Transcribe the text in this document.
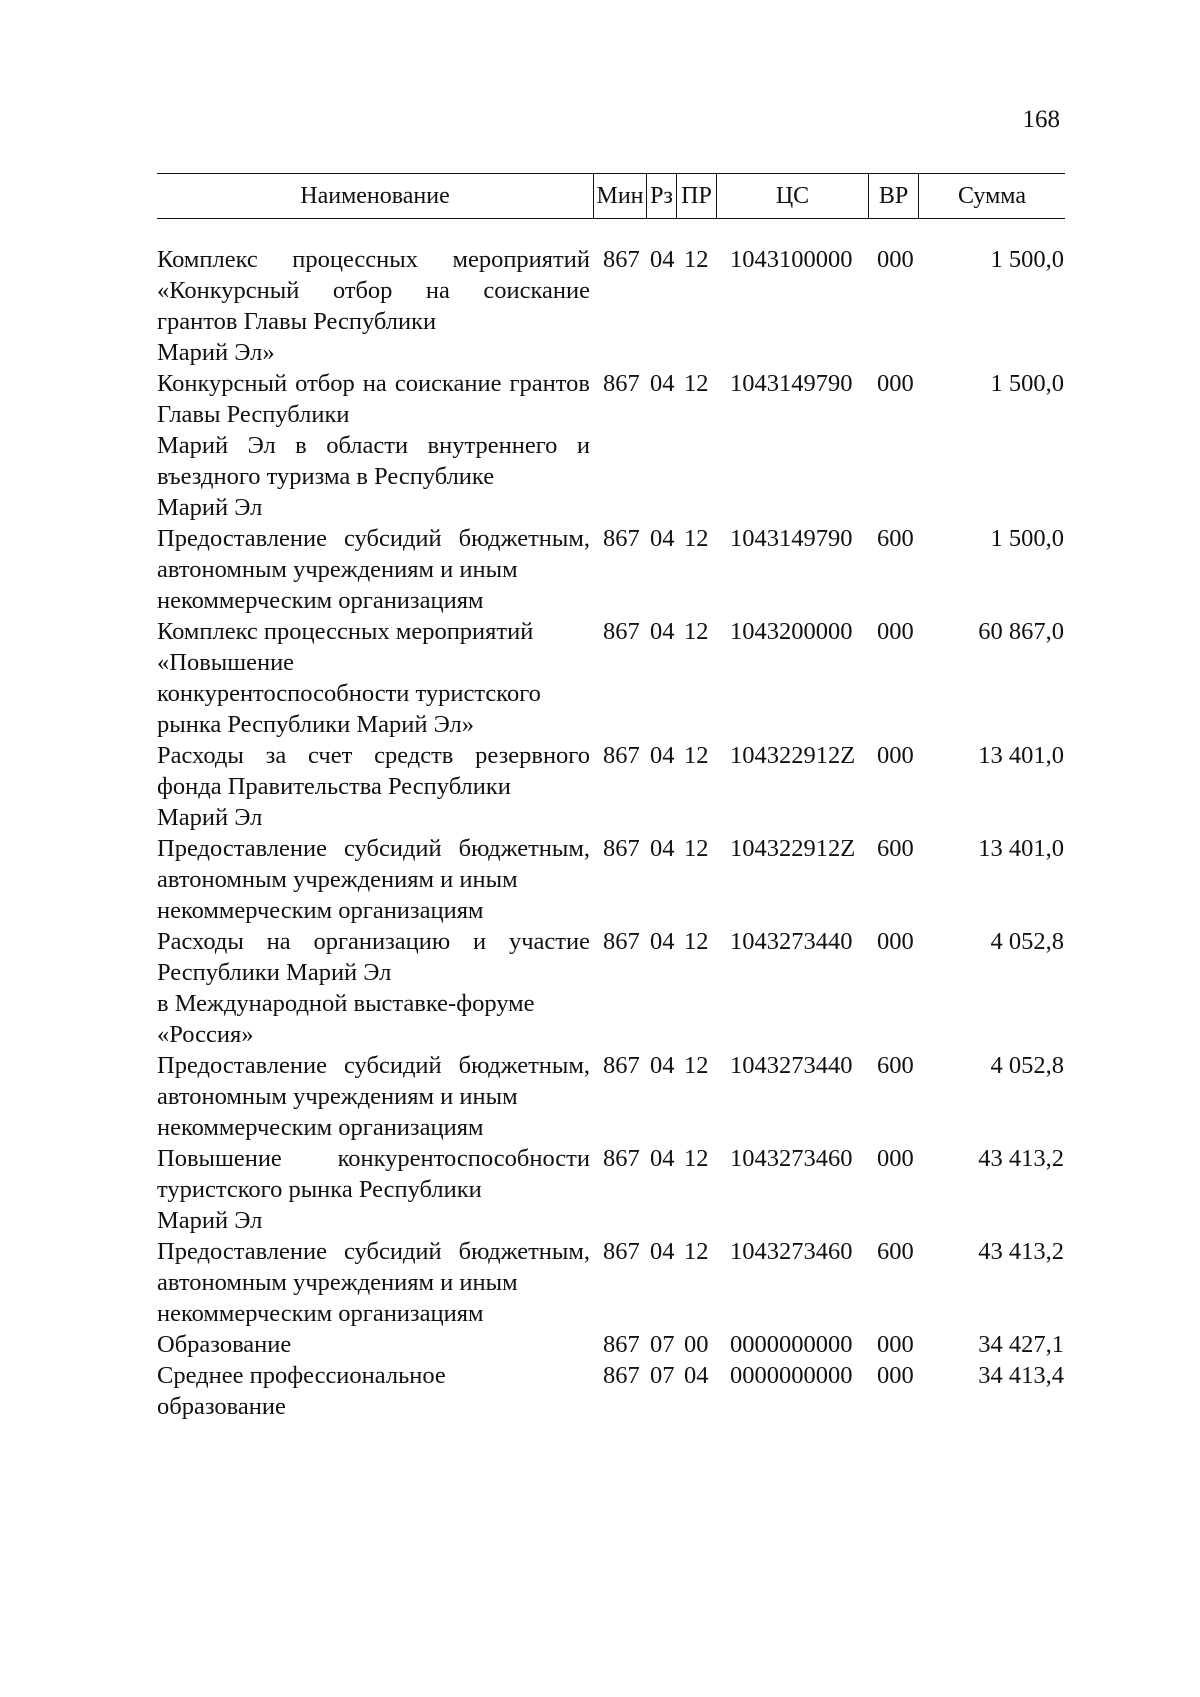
168
Наименование	Мин Рз ПР	ЦС	ВР	Сумма
Комплекс процессных мероприятий «Конкурсный отбор на соискание грантов Главы Республики
Марий Эл»
867 04 12 1043100000 000	1 500,0
Конкурсный отбор на соискание грантов Главы Республики
Марий Эл в области внутреннего и въездного туризма в Республике
Марий Эл
867 04 12 1043149790 000	1 500,0
Предоставление субсидий бюджетным, автономным учреждениям и иным
некоммерческим организациям
867 04 12 1043149790 600	1 500,0
Комплекс процессных мероприятий
«Повышение
конкурентоспособности туристского
рынка Республики Марий Эл»
867 04 12 1043200000 000	60 867,0
Расходы за счет средств резервного фонда Правительства Республики
Марий Эл
867 04 12 104322912Z 000	13 401,0
Предоставление субсидий бюджетным, автономным учреждениям и иным
некоммерческим организациям
867 04 12 104322912Z 600	13 401,0
Расходы на организацию и участие Республики Марий Эл
в Международной выставке-форуме
«Россия»
867 04 12 1043273440 000	4 052,8
Предоставление субсидий бюджетным, автономным учреждениям и иным
некоммерческим организациям
867 04 12 1043273440 600	4 052,8
Повышение конкурентоспособности туристского рынка Республики
Марий Эл
867 04 12 1043273460 000	43 413,2
Предоставление субсидий бюджетным, автономным учреждениям и иным
некоммерческим организациям
867 04 12 1043273460 600	43 413,2
Образование	867 07 00 0000000000 000	34 427,1
Среднее профессиональное
образование
867 07 04 0000000000 000	34 413,4
